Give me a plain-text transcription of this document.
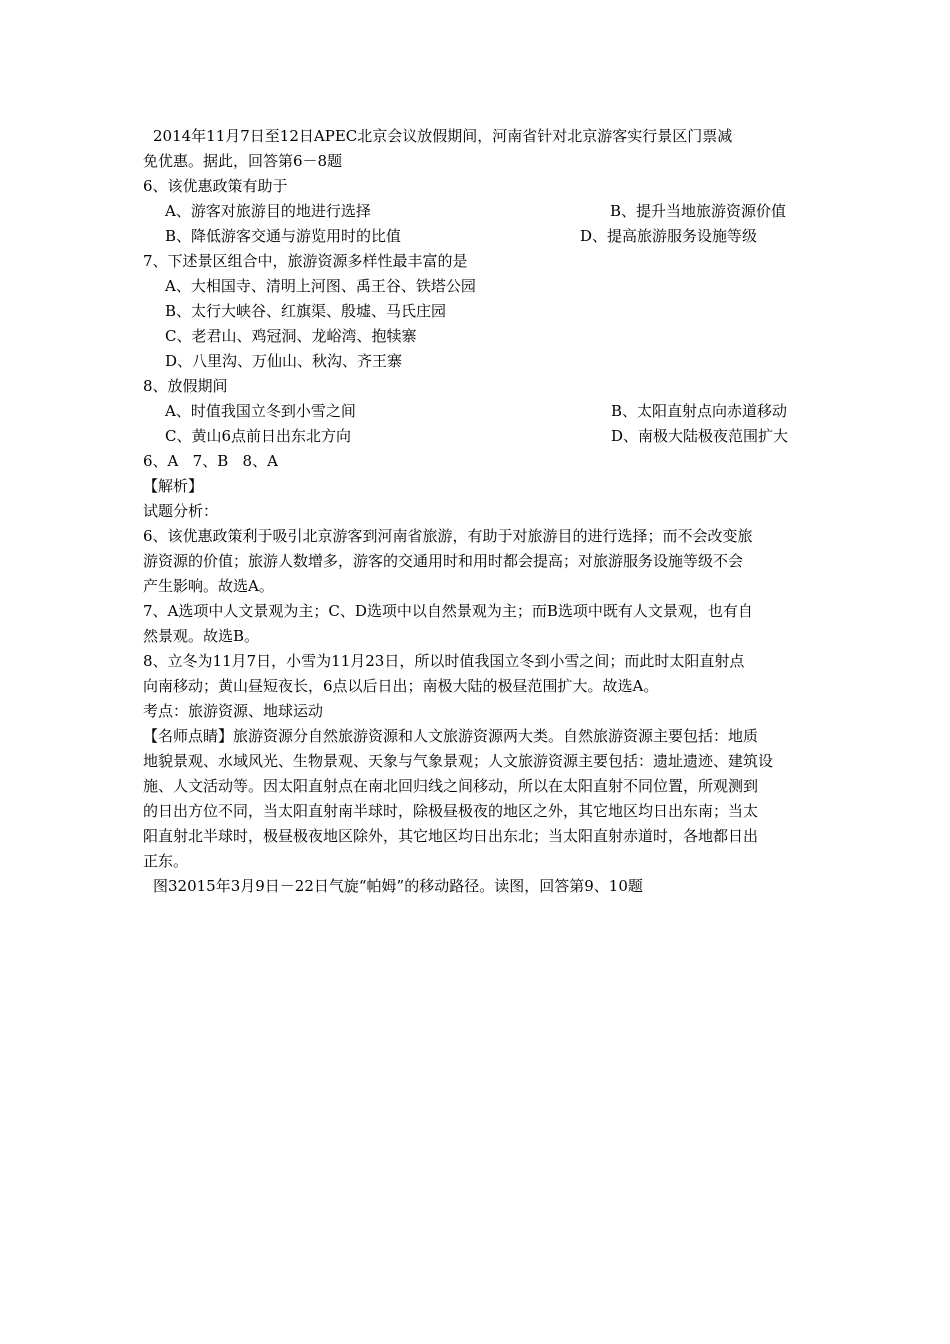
2014年11月7日至12日APEC北京会议放假期间，河南省针对北京游客实行景区门票减
免优惠。据此，回答第6－8题
6、该优惠政策有助于
A、游客对旅游目的地进行选择	B、提升当地旅游资源价值
B、降低游客交通与游览用时的比值	D、提高旅游服务设施等级
7、下述景区组合中，旅游资源多样性最丰富的是
A、大相国寺、清明上河图、禹王谷、铁塔公园
B、太行大峡谷、红旗渠、殷墟、马氏庄园
C、老君山、鸡冠洞、龙峪湾、抱犊寨
D、八里沟、万仙山、秋沟、齐王寨
8、放假期间
A、时值我国立冬到小雪之间	B、太阳直射点向赤道移动
C、黄山6点前日出东北方向	D、南极大陆极夜范围扩大
6、A   7、B   8、A
【解析】
试题分析：
6、该优惠政策利于吸引北京游客到河南省旅游，有助于对旅游目的进行选择；而不会改变旅
游资源的价值；旅游人数增多，游客的交通用时和用时都会提高；对旅游服务设施等级不会
产生影响。故选A。
7、A选项中人文景观为主；C、D选项中以自然景观为主；而B选项中既有人文景观，也有自
然景观。故选B。
8、立冬为11月7日，小雪为11月23日，所以时值我国立冬到小雪之间；而此时太阳直射点
向南移动；黄山昼短夜长，6点以后日出；南极大陆的极昼范围扩大。故选A。
考点：旅游资源、地球运动
【名师点睛】旅游资源分自然旅游资源和人文旅游资源两大类。自然旅游资源主要包括：地质
地貌景观、水域风光、生物景观、天象与气象景观；人文旅游资源主要包括：遗址遗迹、建筑设
施、人文活动等。因太阳直射点在南北回归线之间移动，所以在太阳直射不同位置，所观测到
的日出方位不同，当太阳直射南半球时，除极昼极夜的地区之外，其它地区均日出东南；当太
阳直射北半球时，极昼极夜地区除外，其它地区均日出东北；当太阳直射赤道时，各地都日出
正东。
图32015年3月9日－22日气旋“帕姆”的移动路径。读图，回答第9、10题
